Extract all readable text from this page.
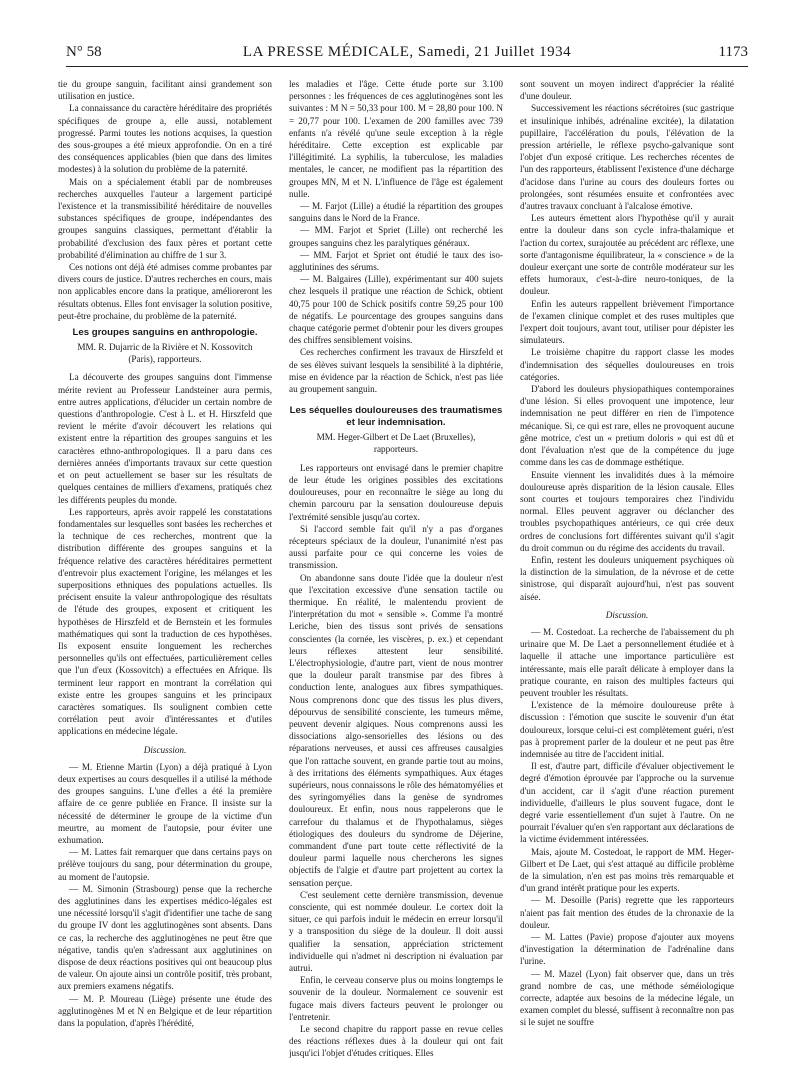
N° 58	LA PRESSE MÉDICALE, Samedi, 21 Juillet 1934	1173

tie du groupe sanguin, facilitant ainsi grandement son utilisation en justice.

La connaissance du caractère héréditaire des propriétés spécifiques de groupe a, elle aussi, notablement progressé. Parmi toutes les notions acquises, la question des sous-groupes a été mieux approfondie. On en a tiré des conséquences applicables (bien que dans des limites modestes) à la solution du problème de la paternité.

Mais on a spécialement établi par de nombreuses recherches auxquelles l'auteur a largement participé l'existence et la transmissibilité héréditaire de nouvelles substances spécifiques de groupe, indépendantes des groupes sanguins classiques, permettant d'établir la probabilité d'exclusion des faux pères et portant cette probabilité d'élimination au chiffre de 1 sur 3.

Ces notions ont déjà été admises comme probantes par divers cours de justice. D'autres recherches en cours, mais non applicables encore dans la pratique, amélioreront les résultats obtenus. Elles font envisager la solution positive, peut-être prochaine, du problème de la paternité.

Les groupes sanguins en anthropologie.

MM. R. Dujarric de la Rivière et N. Kossovitch

(Paris), rapporteurs.

La découverte des groupes sanguins dont l'immense mérite revient au Professeur Landsteiner aura permis, entre autres applications, d'élucider un certain nombre de questions d'anthropologie. C'est à L. et H. Hirszfeld que revient le mérite d'avoir découvert les relations qui existent entre la répartition des groupes sanguins et les caractères ethno-anthropologiques. Il a paru dans ces dernières années d'importants travaux sur cette question et on peut actuellement se baser sur les résultats de quelques centaines de milliers d'examens, pratiqués chez les différents peuples du monde.

Les rapporteurs, après avoir rappelé les constatations fondamentales sur lesquelles sont basées les recherches et la technique de ces recherches, montrent que la distribution différente des groupes sanguins et la fréquence relative des caractères héréditaires permettent d'entrevoir plus exactement l'origine, les mélanges et les superpositions ethniques des populations actuelles. Ils précisent ensuite la valeur anthropologique des résultats de l'étude des groupes, exposent et critiquent les hypothèses de Hirszfeld et de Bernstein et les formules mathématiques qui sont la traduction de ces hypothèses. Ils exposent ensuite longuement les recherches personnelles qu'ils ont effectuées, particulièrement celles que l'un d'eux (Kossovitch) a effectuées en Afrique. Ils terminent leur rapport en montrant la corrélation qui existe entre les groupes sanguins et les principaux caractères somatiques. Ils soulignent combien cette corrélation peut avoir d'intéressantes et d'utiles applications en médecine légale.

Discussion.

— M. Etienne Martin (Lyon) a déjà pratiqué à Lyon deux expertises au cours desquelles il a utilisé la méthode des groupes sanguins. L'une d'elles a été la première affaire de ce genre publiée en France. Il insiste sur la nécessité de déterminer le groupe de la victime d'un meurtre, au moment de l'autopsie, pour éviter une exhumation.

— M. Lattes fait remarquer que dans certains pays on prélève toujours du sang, pour détermination du groupe, au moment de l'autopsie.

— M. Simonin (Strasbourg) pense que la recherche des agglutinines dans les expertises médico-légales est une nécessité lorsqu'il s'agit d'identifier une tache de sang du groupe IV dont les agglutinogènes sont absents. Dans ce cas, la recherche des agglutinogènes ne peut être que négative, tandis qu'en s'adressant aux agglutinines on dispose de deux réactions positives qui ont beaucoup plus de valeur. On ajoute ainsi un contrôle positif, très probant, aux premiers examens négatifs.

— M. P. Moureau (Liège) présente une étude des agglutinogènes M et N en Belgique et de leur répartition dans la population, d'après l'hérédité,

les maladies et l'âge. Cette étude porte sur 3.100 personnes : les fréquences de ces agglutinogènes sont les suivantes : M N = 50,33 pour 100. M = 28,80 pour 100. N = 20,77 pour 100. L'examen de 200 familles avec 739 enfants n'a révélé qu'une seule exception à la règle héréditaire. Cette exception est explicable par l'illégitimité. La syphilis, la tuberculose, les maladies mentales, le cancer, ne modifient pas la répartition des groupes MN, M et N. L'influence de l'âge est également nulle.

— M. Farjot (Lille) a étudié la répartition des groupes sanguins dans le Nord de la France.

— MM. Farjot et Spriet (Lille) ont recherché les groupes sanguins chez les paralytiques généraux.

— MM. Farjot et Spriet ont étudié le taux des iso-agglutinines des sérums.

— M. Balgaires (Lille), expérimentant sur 400 sujets chez lesquels il pratique une réaction de Schick, obtient 40,75 pour 100 de Schick positifs contre 59,25 pour 100 de négatifs. Le pourcentage des groupes sanguins dans chaque catégorie permet d'obtenir pour les divers groupes des chiffres sensiblement voisins.

Ces recherches confirment les travaux de Hirszfeld et de ses élèves suivant lesquels la sensibilité à la diphtérie, mise en évidence par la réaction de Schick, n'est pas liée au groupement sanguin.

Les séquelles douloureuses des traumatismes et leur indemnisation.

MM. Heger-Gilbert et De Laet (Bruxelles),

rapporteurs.

Les rapporteurs ont envisagé dans le premier chapitre de leur étude les origines possibles des excitations douloureuses, pour en reconnaître le siège au long du chemin parcouru par la sensation douloureuse depuis l'extrémité sensible jusqu'au cortex.

Si l'accord semble fait qu'il n'y a pas d'organes récepteurs spéciaux de la douleur, l'unanimité n'est pas aussi parfaite pour ce qui concerne les voies de transmission.

On abandonne sans doute l'idée que la douleur n'est que l'excitation excessive d'une sensation tactile ou thermique. En réalité, le malentendu provient de l'interprétation du mot « sensible ». Comme l'a montré Leriche, bien des tissus sont privés de sensations conscientes (la cornée, les viscères, p. ex.) et cependant leurs réflexes attestent leur sensibilité. L'électrophysiologie, d'autre part, vient de nous montrer que la douleur paraît transmise par des fibres à conduction lente, analogues aux fibres sympathiques. Nous comprenons donc que des tissus les plus divers, dépourvus de sensibilité consciente, les tumeurs même, peuvent devenir algiques. Nous comprenons aussi les dissociations algo-sensorielles des lésions ou des réparations nerveuses, et aussi ces affreuses causalgies que l'on rattache souvent, en grande partie tout au moins, à des irritations des éléments sympathiques. Aux étages supérieurs, nous connaissons le rôle des hématomyélies et des syringomyélies dans la genèse de syndromes douloureux. Et enfin, nous nous rappelerons que le carrefour du thalamus et de l'hypothalamus, sièges étiologiques des douleurs du syndrome de Déjerine, commandent d'une part toute cette réflectivité de la douleur parmi laquelle nous chercherons les signes objectifs de l'algie et d'autre part projettent au cortex la sensation perçue.

C'est seulement cette dernière transmission, devenue consciente, qui est nommée douleur. Le cortex doit la situer, ce qui parfois induit le médecin en erreur lorsqu'il y a transposition du siège de la douleur. Il doit aussi qualifier la sensation, appréciation strictement individuelle qui n'admet ni description ni évaluation par autrui.

Enfin, le cerveau conserve plus ou moins longtemps le souvenir de la douleur. Normalement ce souvenir est fugace mais divers facteurs peuvent le prolonger ou l'entretenir.

Le second chapitre du rapport passe en revue celles des réactions réflexes dues à la douleur qui ont fait jusqu'ici l'objet d'études critiques. Elles

sont souvent un moyen indirect d'apprécier la réalité d'une douleur.

Successivement les réactions sécrétoires (suc gastrique et insulinique inhibés, adrénaline excitée), la dilatation pupillaire, l'accélération du pouls, l'élévation de la pression artérielle, le réflexe psycho-galvanique sont l'objet d'un exposé critique. Les recherches récentes de l'un des rapporteurs, établissent l'existence d'une décharge d'acidose dans l'urine au cours des douleurs fortes ou prolongées, sont résumées ensuite et confrontées avec d'autres travaux concluant à l'alcalose émotive.

Les auteurs émettent alors l'hypothèse qu'il y aurait entre la douleur dans son cycle infra-thalamique et l'action du cortex, surajoutée au précédent arc réflexe, une sorte d'antagonisme équilibrateur, la « conscience » de la douleur exerçant une sorte de contrôle modérateur sur les effets humoraux, c'est-à-dire neuro-toniques, de la douleur.

Enfin les auteurs rappellent brièvement l'importance de l'examen clinique complet et des ruses multiples que l'expert doit toujours, avant tout, utiliser pour dépister les simulateurs.

Le troisième chapitre du rapport classe les modes d'indemnisation des séquelles douloureuses en trois catégories.

D'abord les douleurs physiopathiques contemporaines d'une lésion. Si elles provoquent une impotence, leur indemnisation ne peut différer en rien de l'impotence mécanique. Si, ce qui est rare, elles ne provoquent aucune gêne motrice, c'est un « pretium doloris » qui est dû et dont l'évaluation n'est que de la compétence du juge comme dans les cas de dommage esthétique.

Ensuite viennent les invalidités dues à la mémoire douloureuse après disparition de la lésion causale. Elles sont courtes et toujours temporaires chez l'individu normal. Elles peuvent aggraver ou déclancher des troubles psychopathiques antérieurs, ce qui crée deux ordres de conclusions fort différentes suivant qu'il s'agit du droit commun ou du régime des accidents du travail.

Enfin, restent les douleurs uniquement psychiques où la distinction de la simulation, de la névrose et de cette sinistrose, qui disparaît aujourd'hui, n'est pas souvent aisée.

Discussion.

— M. Costedoat. La recherche de l'abaissement du ph urinaire que M. De Laet a personnellement étudiée et à laquelle il attache une importance particulière est intéressante, mais elle paraît délicate à employer dans la pratique courante, en raison des multiples facteurs qui peuvent troubler les résultats.

L'existence de la mémoire douloureuse prête à discussion : l'émotion que suscite le souvenir d'un état douloureux, lorsque celui-ci est complètement guéri, n'est pas à proprement parler de la douleur et ne peut pas être indemnisée au titre de l'accident initial.

Il est, d'autre part, difficile d'évaluer objectivement le degré d'émotion éprouvée par l'approche ou la survenue d'un accident, car il s'agit d'une réaction purement individuelle, d'ailleurs le plus souvent fugace, dont le degré varie essentiellement d'un sujet à l'autre. On ne pourrait l'évaluer qu'en s'en rapportant aux déclarations de la victime évidemment intéressées.

Mais, ajoute M. Costedoat, le rapport de MM. Heger-Gilbert et De Laet, qui s'est attaqué au difficile problème de la simulation, n'en est pas moins très remarquable et d'un grand intérêt pratique pour les experts.

— M. Desoille (Paris) regrette que les rapporteurs n'aient pas fait mention des études de la chronaxie de la douleur.

— M. Lattes (Pavie) propose d'ajouter aux moyens d'investigation la détermination de l'adrénaline dans l'urine.

— M. Mazel (Lyon) fait observer que, dans un très grand nombre de cas, une méthode séméiologique correcte, adaptée aux besoins de la médecine légale, un examen complet du blessé, suffisent à reconnaître non pas si le sujet ne souffre
